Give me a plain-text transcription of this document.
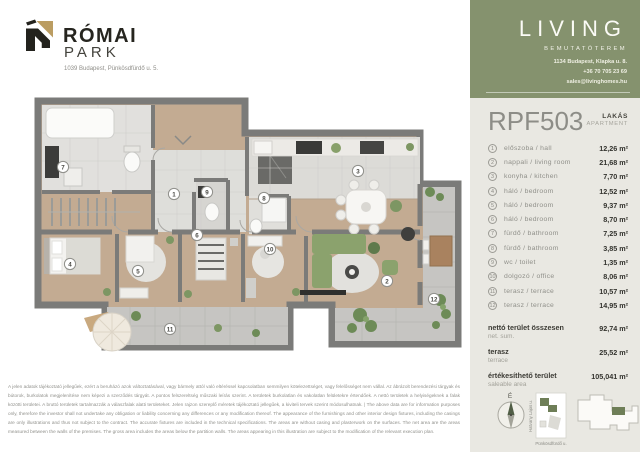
RÓMAI
PARK
1039 Budapest, Pünkösdfürdő u. 5.
1
2
3
4
5
6
7
8
9
10
11
12
A jelen adatok tájékoztató jellegűek, ezért a beruházó azok változtatásával, vagy bármely attól való eltéréssel kapcsolatban semmilyen kötelezettséget, vagy felelősséget nem vállal. Az ábrázolt berendezési tárgyak és bútorok, burkolatok megjelenítése nem képezi a szerződés tárgyát. A pontos felszereltség műszaki leírás szerint. A területek burkolatlan és vakolatlan felületekre értendőek. A nettó területek a helyiségeknek a falak közötti területei. A bruttó területek tartalmazzák a válaszfalak alatti területeket. Jelen rajzon szereplő méretek tájékoztató jellegűek, a kiviteli tervek szerint módosulhatnak. | The above data are for information purposes only, therefore the investor shall not undertake any obligation or liability concerning any differences or any modification thereof. The appearance of the furnishings and other interior design fixtures, including the casings are only illustrations and thus not subject to the contract. The accurate fixtures are included in the technical specifications. The areas are without casing and plasterwork on the surfaces. The net area are the areas measured between the walls of the premises. The gross area includes the areas below the partition walls. The areas appearing in this illustration are subject to the modification of the relevant execution plan.
LIVING
BEMUTATÓTEREM
1134 Budapest, Klapka u. 8.
+36 70 705 23 69
sales@livinghomes.hu
RPF503	LAKÁS
APARTMENT
1	előszoba / hall	12,26 m²
2	nappali / living room	21,68 m²
3	konyha / kitchen	7,70 m²
4	háló / bedroom	12,52 m²
5	háló / bedroom	9,37 m²
6	háló / bedroom	8,70 m²
7	fürdő / bathroom	7,25 m²
8	fürdő / bathroom	3,85 m²
9	wc / toilet	1,35 m²
10 dolgozó / office	8,06 m²
11 terasz / terrace	10,57 m²
12 terasz / terrace	14,95 m²
nettó terület összesen
net. sum.
92,74 m²
terasz
terrace
25,52 m²
értékesíthető terület
saleable area
105,041 m²
É
Hatvany Lajos u.
Pünkösdfürdő u.
